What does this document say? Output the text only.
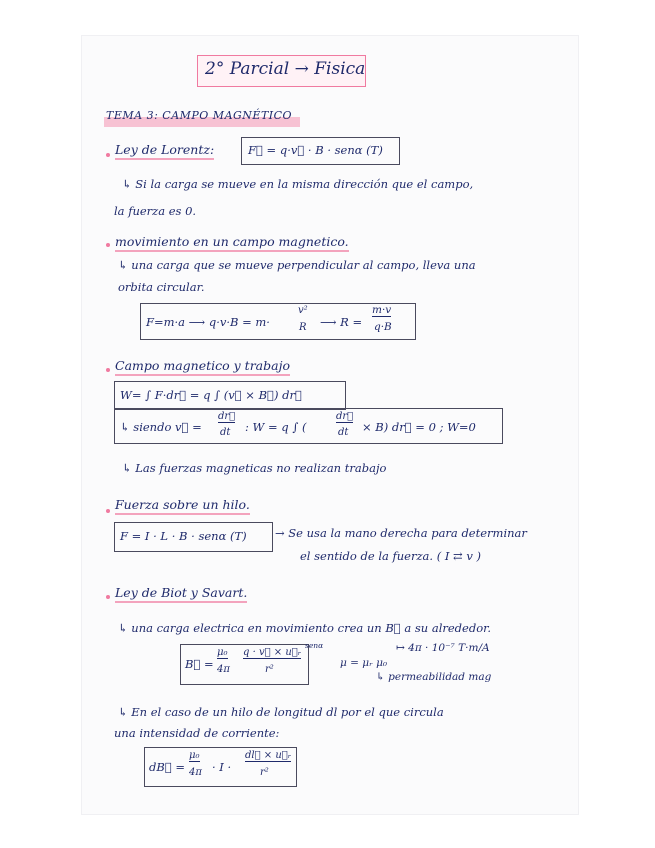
2° Parcial → Fisica
TEMA 3: CAMPO MAGNÉTICO
Ley de Lorentz:	F⃗ = q·v⃗ · B · senα (T)
↳ Si la carga se mueve en la misma dirección que el campo,
la fuerza es 0.
movimiento en un campo magnetico.
↳ una carga que se mueve perpendicular al campo, lleva una
orbita circular.
F=m·a ⟶ q·v·B = m·
v²
R ⟶ R =
m·v
q·B
Campo magnetico y trabajo
W= ∫ F·dr⃗ = q ∫ (v⃗ × B⃗) dr⃗
↳ siendo v⃗ =
dr⃗
dt : W = q ∫ (
dr⃗
dt × B) dr⃗ = 0 ; W=0
↳ Las fuerzas magneticas no realizan trabajo
Fuerza sobre un hilo.
F = I · L · B · senα (T) → Se usa la mano derecha para determinar
el sentido de la fuerza. ( I ⇄ v )
Ley de Biot y Savart.
↳ una carga electrica en movimiento crea un B⃗ a su alrededor.
B⃗ =
μ₀
4π
q · v⃗ × u⃗ᵣ
r²
senα
μ = μᵣ μ₀
↦ 4π · 10⁻⁷ T·m/A
↳ permeabilidad mag
↳ En el caso de un hilo de longitud dl por el que circula
una intensidad de corriente:
dB⃗ =
μ₀
4π · I ·
dl⃗ × u⃗ᵣ
r²
